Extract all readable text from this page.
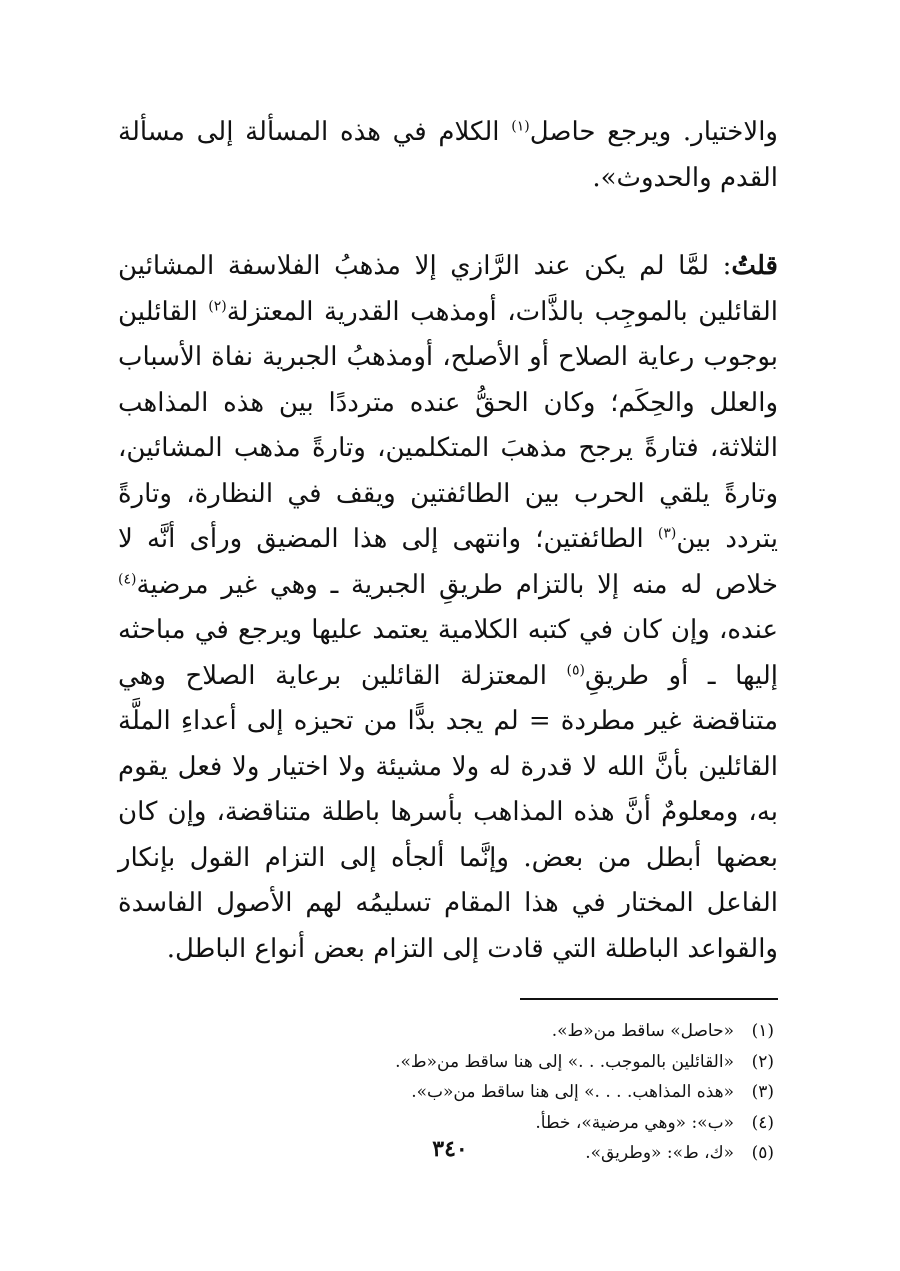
والاختيار. ويرجع حاصل$^{(١)}$ الكلام في هذه المسألة إلى مسألة القدم والحدوث».

قلتُ: لمَّا لم يكن عند الرَّازي إلا مذهبُ الفلاسفة المشائين القائلين بالموجِب بالذَّات، أومذهب القدرية المعتزلة$^{(٢)}$ القائلين بوجوب رعاية الصلاح أو الأصلح، أومذهبُ الجبرية نفاة الأسباب والعلل والحِكَم؛ وكان الحقُّ عنده مترددًا بين هذه المذاهب الثلاثة، فتارةً يرجح مذهبَ المتكلمين، وتارةً مذهب المشائين، وتارةً يلقي الحرب بين الطائفتين ويقف في النظارة، وتارةً يتردد بين$^{(٣)}$ الطائفتين؛ وانتهى إلى هذا المضيق ورأى أنَّه لا خلاص له منه إلا بالتزام طريقِ الجبرية ـ وهي غير مرضية$^{(٤)}$ عنده، وإن كان في كتبه الكلامية يعتمد عليها ويرجع في مباحثه إليها ـ أو طريقِ$^{(٥)}$ المعتزلة القائلين برعاية الصلاح وهي متناقضة غير مطردة = لم يجد بدًّا من تحيزه إلى أعداءِ الملَّة القائلين بأنَّ الله لا قدرة له ولا مشيئة ولا اختيار ولا فعل يقوم به، ومعلومٌ أنَّ هذه المذاهب بأسرها باطلة متناقضة، وإن كان بعضها أبطل من بعض. وإنَّما ألجأه إلى التزام القول بإنكار الفاعل المختار في هذا المقام تسليمُه لهم الأصول الفاسدة والقواعد الباطلة التي قادت إلى التزام بعض أنواع الباطل.

(١)
«حاصل» ساقط من«ط».
(٢)
«القائلين بالموجب. . .» إلى هنا ساقط من«ط».
(٣)
«هذه المذاهب. . . .» إلى هنا ساقط من«ب».
(٤)
«ب»: «وهي مرضية»، خطأ.
(٥)
«ك، ط»: «وطريق».
٣٤٠
